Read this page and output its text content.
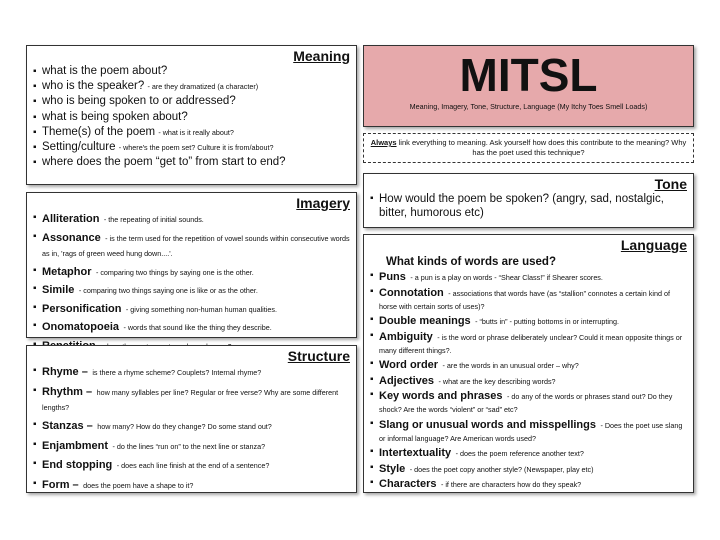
Meaning
▪ what is the poem about?
▪ who is the speaker? - are they dramatized (a character)
▪ who is being spoken to or addressed?
▪ what is being spoken about?
▪ Theme(s) of the poem - what is it really about?
▪ Setting/culture - where's the poem set? Culture it is from/about?
▪ where does the poem “get to” from start to end?
Imagery
▪ Alliteration - the repeating of initial sounds.
▪ Assonance - is the term used for the repetition of vowel sounds within consecutive words as in, 'rags of green weed hung down....'.
▪ Metaphor - comparing two things by saying one is the other.
▪ Simile - comparing two things saying one is like or as the other.
▪ Personification - giving something non-human human qualities.
▪ Onomatopoeia - words that sound like the thing they describe.
▪
Structure
▪ Rhyme – is there a rhyme scheme? Couplets? Internal rhyme?
▪ Rhythm – how many syllables per line? Regular or free verse? Why are some different lengths?
▪ Stanzas – how many? How do they change? Do some stand out?
▪ Enjambment - do the lines “run on” to the next line or stanza?
▪ End stopping - does each line finish at the end of a sentence?
▪ Form – does the poem have a shape to it?
MITSL
Meaning, Imagery, Tone, Structure, Language (My Itchy Toes Smell Loads)
Always link everything to meaning. Ask yourself how does this contribute to the meaning? Why has the poet used this technique?
Tone
▪ How would the poem be spoken? (angry, sad, nostalgic, bitter, humorous etc)
Language
What kinds of words are used?
▪ Puns - a pun is a play on words - “Shear Class!” if Shearer scores.
▪ Connotation - associations that words have (as “stallion” connotes a certain kind of horse with certain sorts of uses)?
▪ Double meanings - “butts in” - putting bottoms in or interrupting.
▪ Ambiguity - is the word or phrase deliberately unclear? Could it mean opposite things or many different things?.
▪ Word order - are the words in an unusual order – why?
▪ Adjectives - what are the key describing words?
▪ Key words and phrases - do any of the words or phrases stand out? Do they shock? Are the words “violent” or “sad” etc?
▪ Slang or unusual words and misspellings - Does the poet use slang or informal language? Are American words used?
▪ Intertextuality - does the poem reference another text?
▪ Style - does the poet copy another style? (Newspaper, play etc)
▪ Characters - if there are characters how do they speak?
